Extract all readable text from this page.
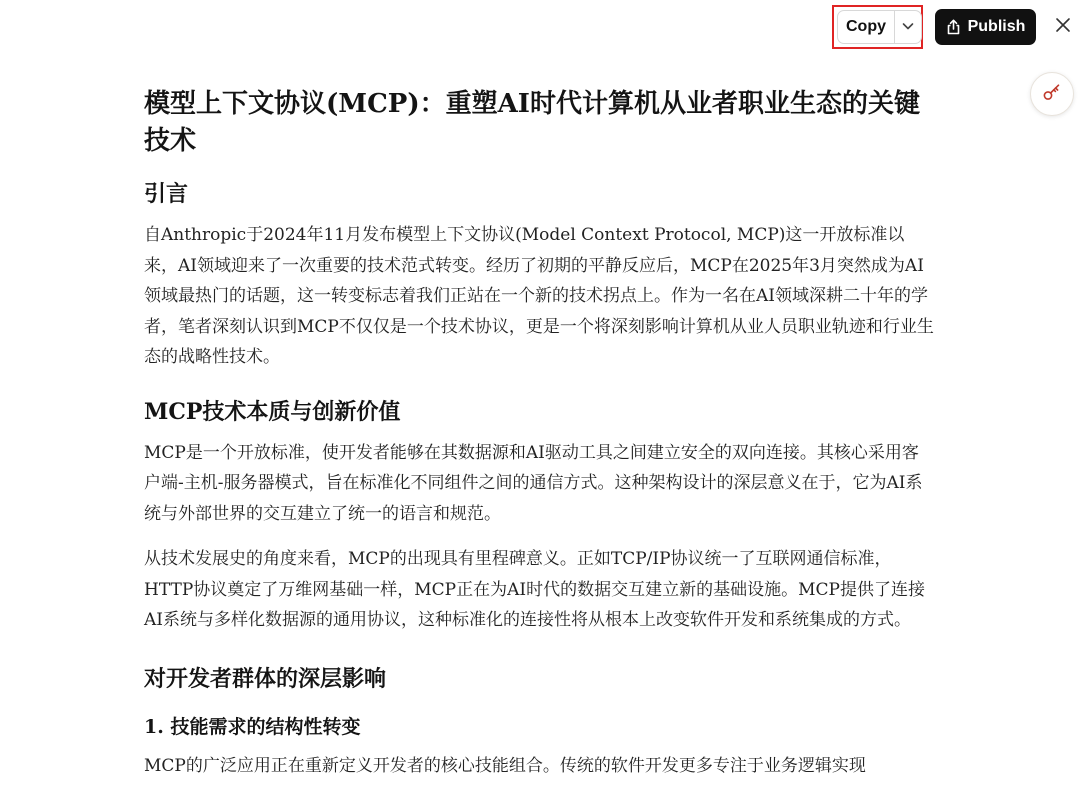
Copy	Publish
模型上下文协议(MCP)：重塑AI时代计算机从业者职业生态的关键技术
引言

自Anthropic于2024年11月发布模型上下文协议(Model Context Protocol, MCP)这一开放标准以来，AI领域迎来了一次重要的技术范式转变。经历了初期的平静反应后，MCP在2025年3月突然成为AI领域最热门的话题，这一转变标志着我们正站在一个新的技术拐点上。作为一名在AI领域深耕二十年的学者，笔者深刻认识到MCP不仅仅是一个技术协议，更是一个将深刻影响计算机从业人员职业轨迹和行业生态的战略性技术。

MCP技术本质与创新价值

MCP是一个开放标准，使开发者能够在其数据源和AI驱动工具之间建立安全的双向连接。其核心采用客户端-主机-服务器模式，旨在标准化不同组件之间的通信方式。这种架构设计的深层意义在于，它为AI系统与外部世界的交互建立了统一的语言和规范。

从技术发展史的角度来看，MCP的出现具有里程碑意义。正如TCP/IP协议统一了互联网通信标准，HTTP协议奠定了万维网基础一样，MCP正在为AI时代的数据交互建立新的基础设施。MCP提供了连接AI系统与多样化数据源的通用协议，这种标准化的连接性将从根本上改变软件开发和系统集成的方式。

对开发者群体的深层影响
1. 技能需求的结构性转变

MCP的广泛应用正在重新定义开发者的核心技能组合。传统的软件开发更多专注于业务逻辑实现
